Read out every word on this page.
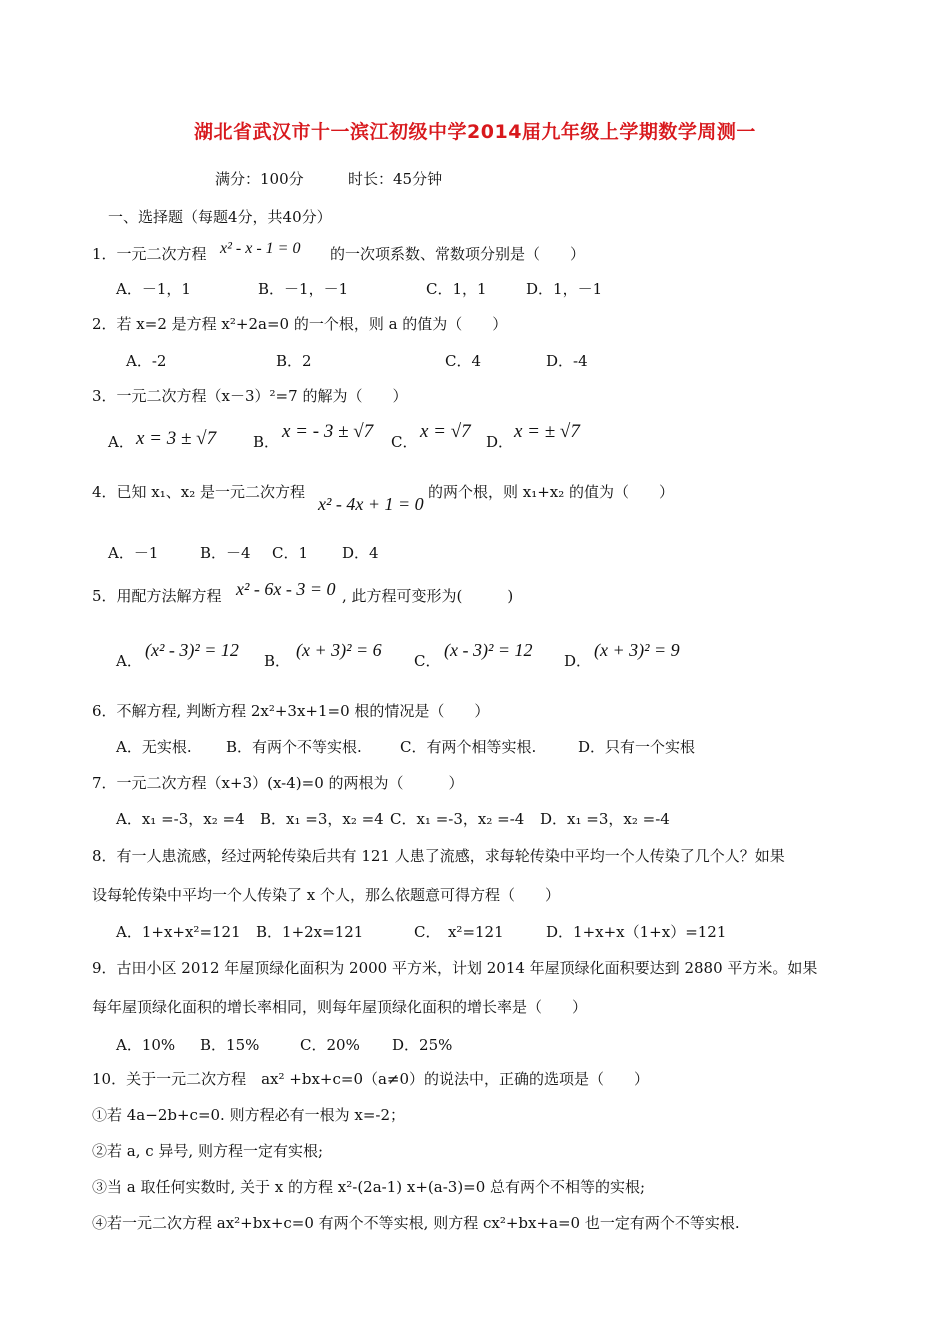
湖北省武汉市十一滨江初级中学2014届九年级上学期数学周测一
满分：100分	时长：45分钟
一、选择题（每题4分，共40分）
1．一元二次方程 x² - x - 1 = 0 的一次项系数、常数项分别是（　　）
A．－1，1	B．－1，－1	C．1，1	D．1，－1
2．若 x=2 是方程 x²+2a=0 的一个根，则 a 的值为（　　）
A．-2	B．2	C．4	D．-4
3．一元二次方程（x－3）²=7 的解为（　　）
A． x = 3 ± √7 B． x = - 3 ± √7 C． x = √7 D． x = ± √7
4．已知 x₁、x₂ 是一元二次方程
x² - 4x + 1 = 0
的两个根，则 x₁+x₂ 的值为（　　）
A．－1	B．－4 C．1 D．4
5．用配方法解方程 x² - 6x - 3 = 0 , 此方程可变形为(　　　)
A．
(x² - 3)² = 12
B．
(x + 3)² = 6
C．
(x - 3)² = 12
D．
(x + 3)² = 9
6．不解方程, 判断方程 2x²+3x+1=0 根的情况是（　　）
A．无实根. B．有两个不等实根.	C．有两个相等实根.	D．只有一个实根
7．一元二次方程（x+3）(x-4)=0 的两根为（　　　）
A．x₁ =-3，x₂ =4 B．x₁ =3，x₂ =4 C．x₁ =-3，x₂ =-4 D．x₁ =3，x₂ =-4
8．有一人患流感，经过两轮传染后共有 121 人患了流感，求每轮传染中平均一个人传染了几个人？如果
设每轮传染中平均一个人传染了 x 个人，那么依题意可得方程（　　）
A．1+x+x²=121 B．1+2x=121	C．　x²=121	D．1+x+x（1+x）=121
9．古田小区 2012 年屋顶绿化面积为 2000 平方米，计划 2014 年屋顶绿化面积要达到 2880 平方米。如果
每年屋顶绿化面积的增长率相同，则每年屋顶绿化面积的增长率是（　　）
A．10% B．15%	C．20% D．25%
10．关于一元二次方程　ax² +bx+c=0（a≠0）的说法中，正确的选项是（　　）
①若 4a−2b+c=0. 则方程必有一根为 x=-2；
②若 a, c 异号, 则方程一定有实根;
③当 a 取任何实数时, 关于 x 的方程 x²-(2a-1) x+(a-3)=0 总有两个不相等的实根;
④若一元二次方程 ax²+bx+c=0 有两个不等实根, 则方程 cx²+bx+a=0 也一定有两个不等实根.
